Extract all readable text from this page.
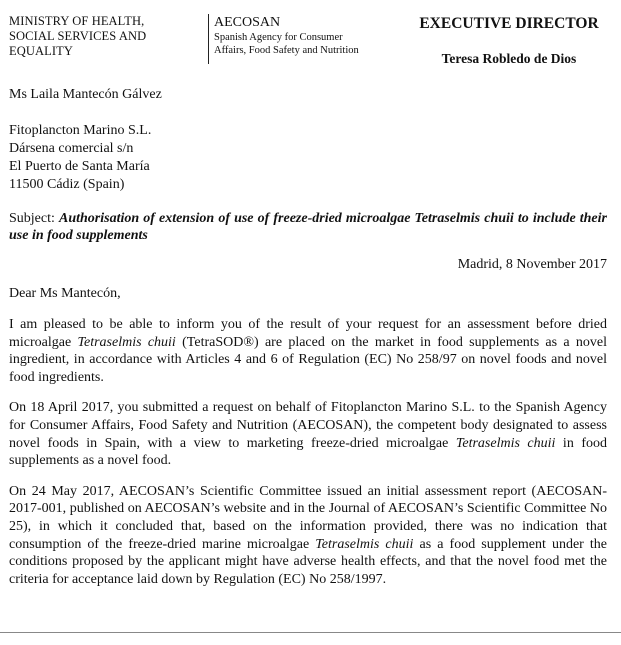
MINISTRY OF HEALTH,
SOCIAL SERVICES AND
EQUALITY
AECOSAN
Spanish Agency for Consumer
Affairs, Food Safety and Nutrition
EXECUTIVE DIRECTOR
Teresa Robledo de Dios
Ms Laila Mantecón Gálvez
Fitoplancton Marino S.L.
Dársena comercial s/n
El Puerto de Santa María
11500 Cádiz (Spain)
Subject: Authorisation of extension of use of freeze-dried microalgae Tetraselmis chuii to include their use in food supplements
Madrid, 8 November 2017
Dear Ms Mantecón,

I am pleased to be able to inform you of the result of your request for an assessment before dried microalgae Tetraselmis chuii (TetraSOD®) are placed on the market in food supplements as a novel ingredient, in accordance with Articles 4 and 6 of Regulation (EC) No 258/97 on novel foods and novel food ingredients.

On 18 April 2017, you submitted a request on behalf of Fitoplancton Marino S.L. to the Spanish Agency for Consumer Affairs, Food Safety and Nutrition (AECOSAN), the competent body designated to assess novel foods in Spain, with a view to marketing freeze-dried microalgae Tetraselmis chuii in food supplements as a novel food.

On 24 May 2017, AECOSAN’s Scientific Committee issued an initial assessment report (AECOSAN-2017-001, published on AECOSAN’s website and in the Journal of AECOSAN’s Scientific Committee No 25), in which it concluded that, based on the information provided, there was no indication that consumption of the freeze-dried marine microalgae Tetraselmis chuii as a food supplement under the conditions proposed by the applicant might have adverse health effects, and that the novel food met the criteria for acceptance laid down by Regulation (EC) No 258/1997.
